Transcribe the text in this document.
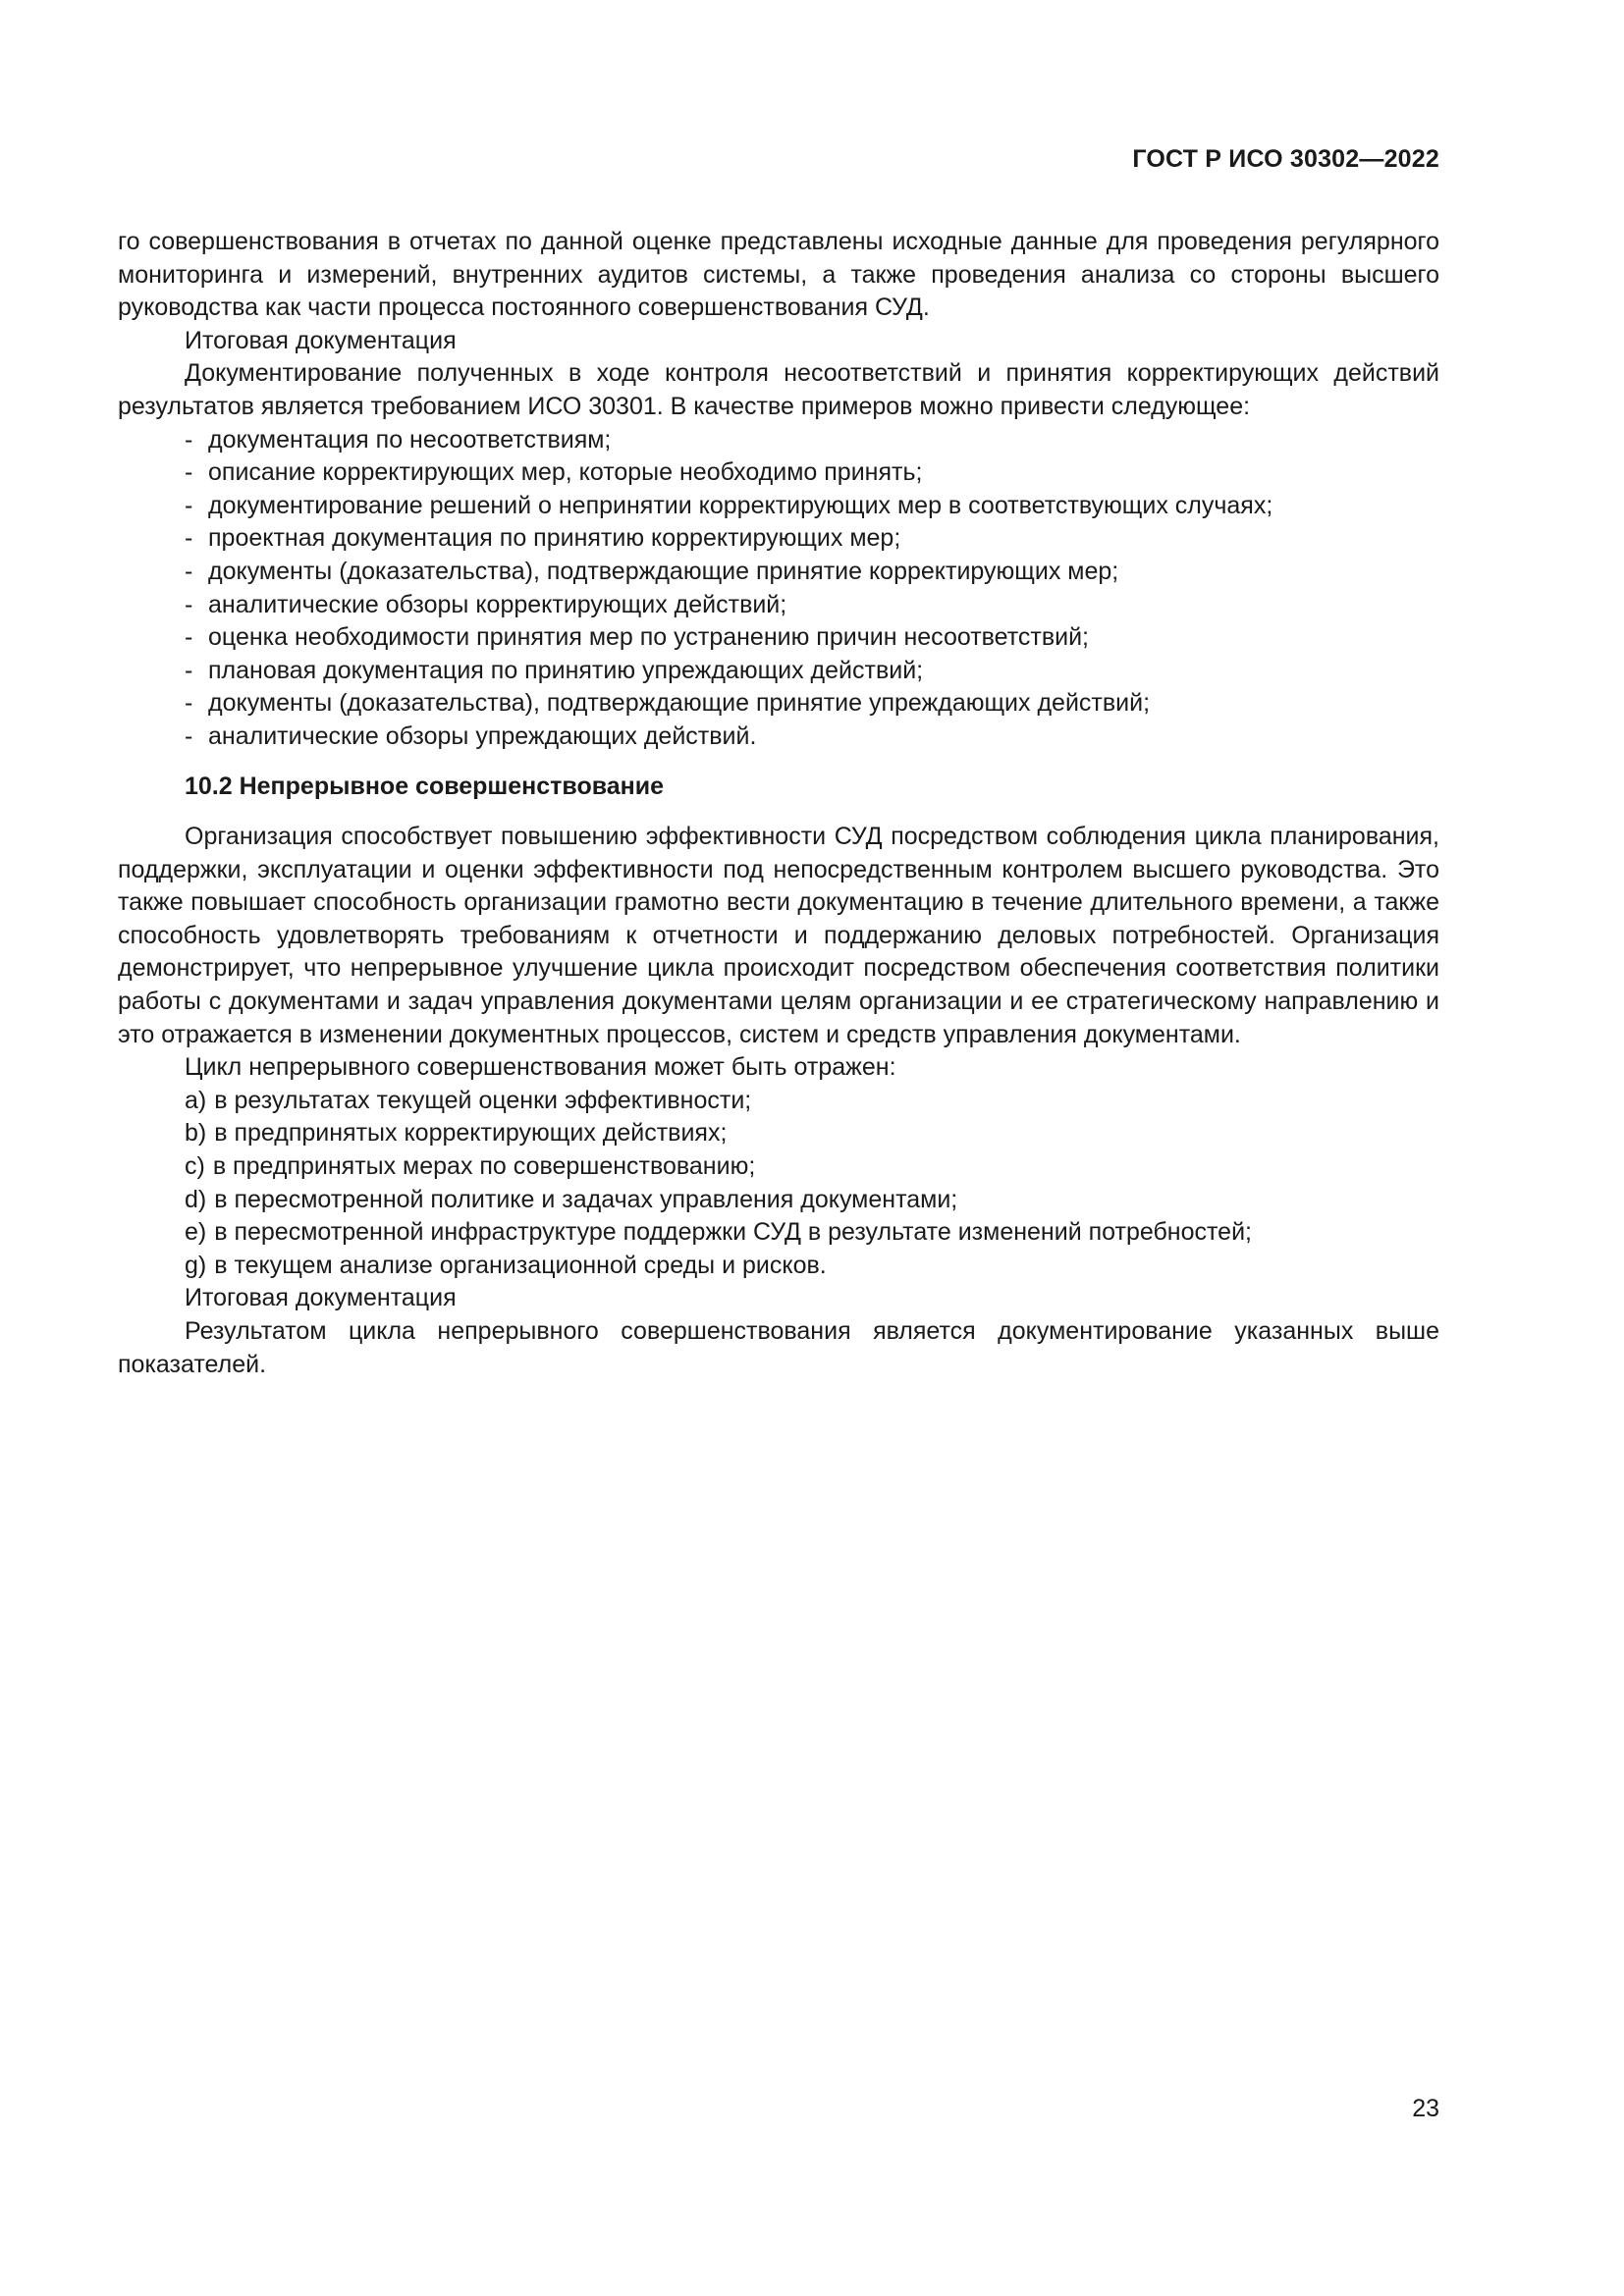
ГОСТ Р ИСО 30302—2022

го совершенствования в отчетах по данной оценке представлены исходные данные для проведения регулярного мониторинга и измерений, внутренних аудитов системы, а также проведения анализа со стороны высшего руководства как части процесса постоянного совершенствования СУД.

Итоговая документация

Документирование полученных в ходе контроля несоответствий и принятия корректирующих действий результатов является требованием ИСО 30301. В качестве примеров можно привести следующее:

- документация по несоответствиям;
- описание корректирующих мер, которые необходимо принять;
- документирование решений о непринятии корректирующих мер в соответствующих случаях;
- проектная документация по принятию корректирующих мер;
- документы (доказательства), подтверждающие принятие корректирующих мер;
- аналитические обзоры корректирующих действий;
- оценка необходимости принятия мер по устранению причин несоответствий;
- плановая документация по принятию упреждающих действий;
- документы (доказательства), подтверждающие принятие упреждающих действий;
- аналитические обзоры упреждающих действий.
10.2 Непрерывное совершенствование

Организация способствует повышению эффективности СУД посредством соблюдения цикла планирования, поддержки, эксплуатации и оценки эффективности под непосредственным контролем высшего руководства. Это также повышает способность организации грамотно вести документацию в течение длительного времени, а также способность удовлетворять требованиям к отчетности и поддержанию деловых потребностей. Организация демонстрирует, что непрерывное улучшение цикла происходит посредством обеспечения соответствия политики работы с документами и задач управления документами целям организации и ее стратегическому направлению и это отражается в изменении документных процессов, систем и средств управления документами.

Цикл непрерывного совершенствования может быть отражен:

a) в результатах текущей оценки эффективности;
b) в предпринятых корректирующих действиях;
c) в предпринятых мерах по совершенствованию;
d) в пересмотренной политике и задачах управления документами;
e) в пересмотренной инфраструктуре поддержки СУД в результате изменений потребностей;
g) в текущем анализе организационной среды и рисков.

Итоговая документация

Результатом цикла непрерывного совершенствования является документирование указанных выше показателей.

23
